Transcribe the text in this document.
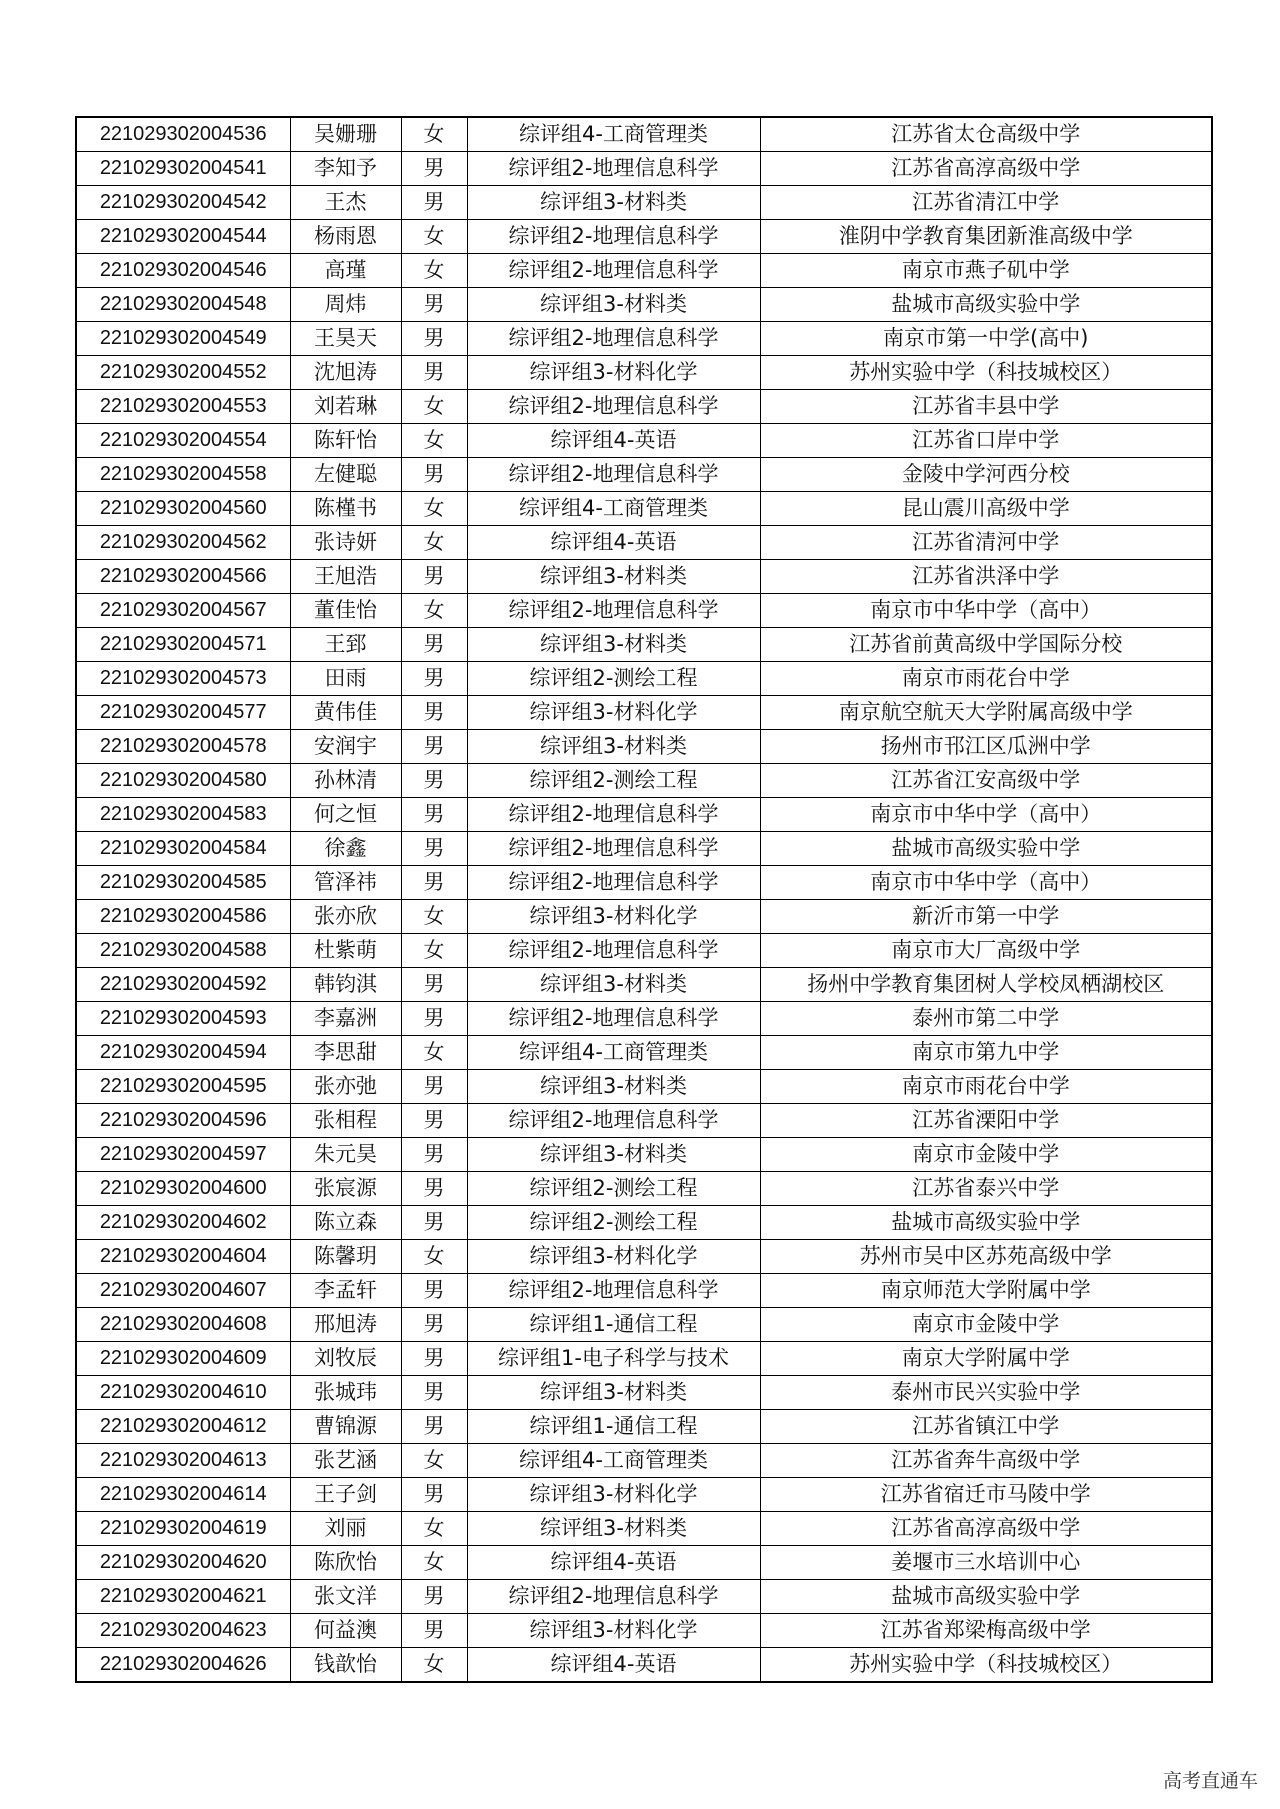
221029302004536	吴姗珊	女	综评组4-工商管理类	江苏省太仓高级中学
221029302004541	李知予	男	综评组2-地理信息科学	江苏省高淳高级中学
221029302004542	王杰	男	综评组3-材料类	江苏省清江中学
221029302004544	杨雨恩	女	综评组2-地理信息科学	淮阴中学教育集团新淮高级中学
221029302004546	高瑾	女	综评组2-地理信息科学	南京市燕子矶中学
221029302004548	周炜	男	综评组3-材料类	盐城市高级实验中学
221029302004549	王昊天	男	综评组2-地理信息科学	南京市第一中学(高中)
221029302004552	沈旭涛	男	综评组3-材料化学	苏州实验中学（科技城校区）
221029302004553	刘若琳	女	综评组2-地理信息科学	江苏省丰县中学
221029302004554	陈轩怡	女	综评组4-英语	江苏省口岸中学
221029302004558	左健聪	男	综评组2-地理信息科学	金陵中学河西分校
221029302004560	陈槿书	女	综评组4-工商管理类	昆山震川高级中学
221029302004562	张诗妍	女	综评组4-英语	江苏省清河中学
221029302004566	王旭浩	男	综评组3-材料类	江苏省洪泽中学
221029302004567	董佳怡	女	综评组2-地理信息科学	南京市中华中学（高中）
221029302004571	王郅	男	综评组3-材料类	江苏省前黄高级中学国际分校
221029302004573	田雨	男	综评组2-测绘工程	南京市雨花台中学
221029302004577	黄伟佳	男	综评组3-材料化学	南京航空航天大学附属高级中学
221029302004578	安润宇	男	综评组3-材料类	扬州市邗江区瓜洲中学
221029302004580	孙林清	男	综评组2-测绘工程	江苏省江安高级中学
221029302004583	何之恒	男	综评组2-地理信息科学	南京市中华中学（高中）
221029302004584	徐鑫	男	综评组2-地理信息科学	盐城市高级实验中学
221029302004585	管泽祎	男	综评组2-地理信息科学	南京市中华中学（高中）
221029302004586	张亦欣	女	综评组3-材料化学	新沂市第一中学
221029302004588	杜紫萌	女	综评组2-地理信息科学	南京市大厂高级中学
221029302004592	韩钧淇	男	综评组3-材料类	扬州中学教育集团树人学校凤栖湖校区
221029302004593	李嘉洲	男	综评组2-地理信息科学	泰州市第二中学
221029302004594	李思甜	女	综评组4-工商管理类	南京市第九中学
221029302004595	张亦弛	男	综评组3-材料类	南京市雨花台中学
221029302004596	张相程	男	综评组2-地理信息科学	江苏省溧阳中学
221029302004597	朱元昊	男	综评组3-材料类	南京市金陵中学
221029302004600	张宸源	男	综评组2-测绘工程	江苏省泰兴中学
221029302004602	陈立森	男	综评组2-测绘工程	盐城市高级实验中学
221029302004604	陈馨玥	女	综评组3-材料化学	苏州市吴中区苏苑高级中学
221029302004607	李孟轩	男	综评组2-地理信息科学	南京师范大学附属中学
221029302004608	邢旭涛	男	综评组1-通信工程	南京市金陵中学
221029302004609	刘牧辰	男	综评组1-电子科学与技术	南京大学附属中学
221029302004610	张城玮	男	综评组3-材料类	泰州市民兴实验中学
221029302004612	曹锦源	男	综评组1-通信工程	江苏省镇江中学
221029302004613	张艺涵	女	综评组4-工商管理类	江苏省奔牛高级中学
221029302004614	王子剑	男	综评组3-材料化学	江苏省宿迁市马陵中学
221029302004619	刘丽	女	综评组3-材料类	江苏省高淳高级中学
221029302004620	陈欣怡	女	综评组4-英语	姜堰市三水培训中心
221029302004621	张文洋	男	综评组2-地理信息科学	盐城市高级实验中学
221029302004623	何益澳	男	综评组3-材料化学	江苏省郑梁梅高级中学
221029302004626	钱歆怡	女	综评组4-英语	苏州实验中学（科技城校区）
高考直通车
